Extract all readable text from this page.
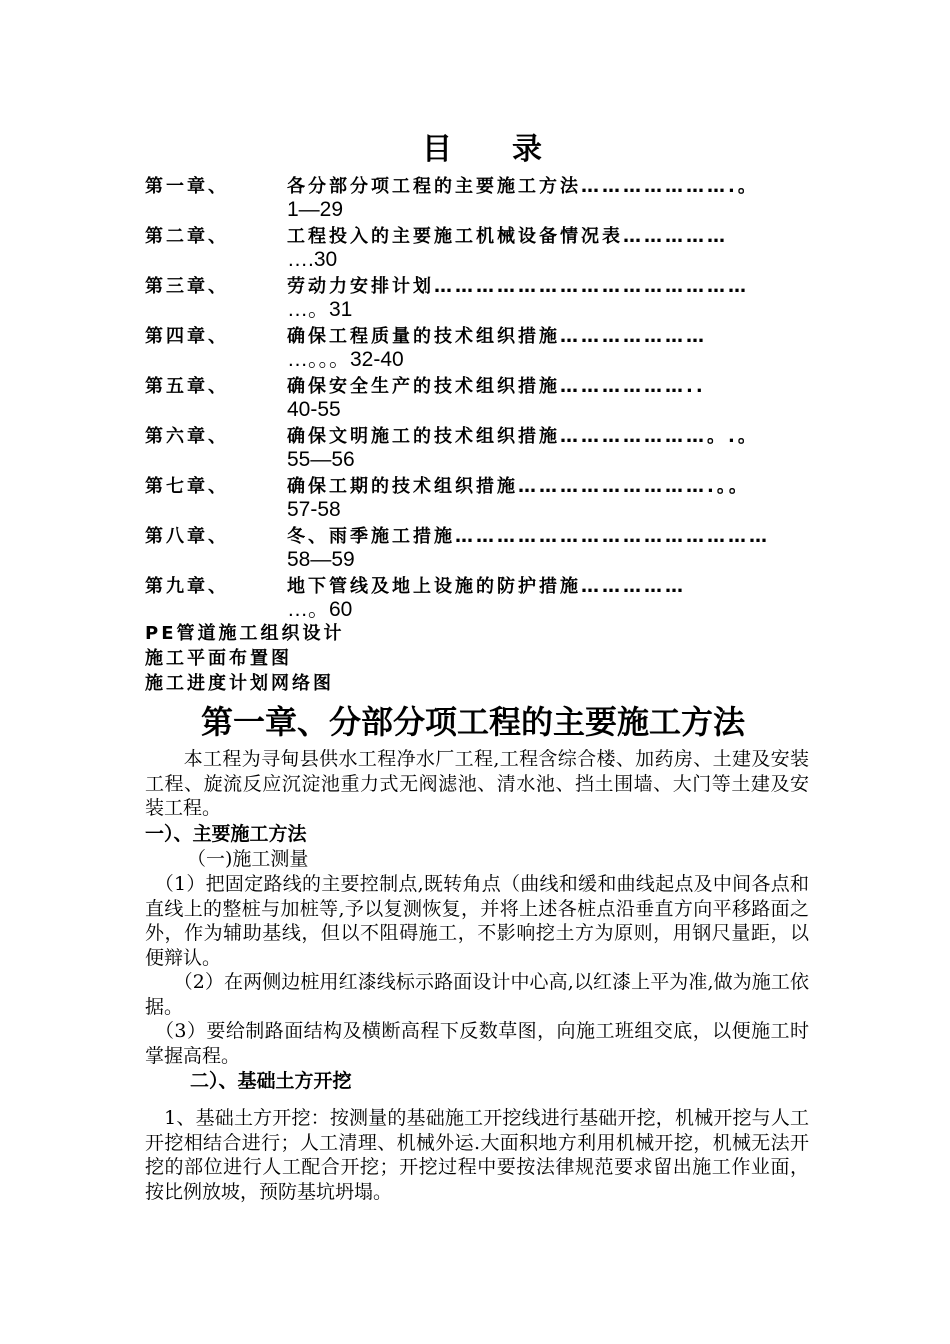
目 录
第一章、	各分部分项工程的主要施工方法………………….。
1—29
第二章、	工程投入的主要施工机械设备情况表……………
….30
第三章、	劳动力安排计划………………………………………
…。31
第四章、	确保工程质量的技术组织措施…………………
…。。。32-40
第五章、	确保安全生产的技术组织措施………………..
40-55
第六章、	确保文明施工的技术组织措施…………………。.。
55—56
第七章、	确保工期的技术组织措施……………………….。。
57-58
第八章、	冬、雨季施工措施………………………………………
58—59
第九章、	地下管线及地上设施的防护措施……………
…。60
PE管道施工组织设计
施工平面布置图
施工进度计划网络图
第一章、分部分项工程的主要施工方法
　　本工程为寻甸县供水工程净水厂工程,工程含综合楼、加药房、土建及安装工程、旋流反应沉淀池重力式无阀滤池、清水池、挡土围墙、大门等土建及安装工程。
一）、主要施工方法
（一)施工测量
　（1）把固定路线的主要控制点,既转角点（曲线和缓和曲线起点及中间各点和直线上的整桩与加桩等,予以复测恢复，并将上述各桩点沿垂直方向平移路面之外，作为辅助基线，但以不阻碍施工，不影响挖土方为原则，用钢尺量距，以便辩认。
　　（2）在两侧边桩用红漆线标示路面设计中心高,以红漆上平为准,做为施工依据。
　（3）要给制路面结构及横断高程下反数草图，向施工班组交底，以便施工时掌握高程。
二）、基础土方开挖
　1、基础土方开挖：按测量的基础施工开挖线进行基础开挖，机械开挖与人工开挖相结合进行；人工清理、机械外运.大面积地方利用机械开挖，机械无法开挖的部位进行人工配合开挖；开挖过程中要按法律规范要求留出施工作业面，按比例放坡，预防基坑坍塌。
